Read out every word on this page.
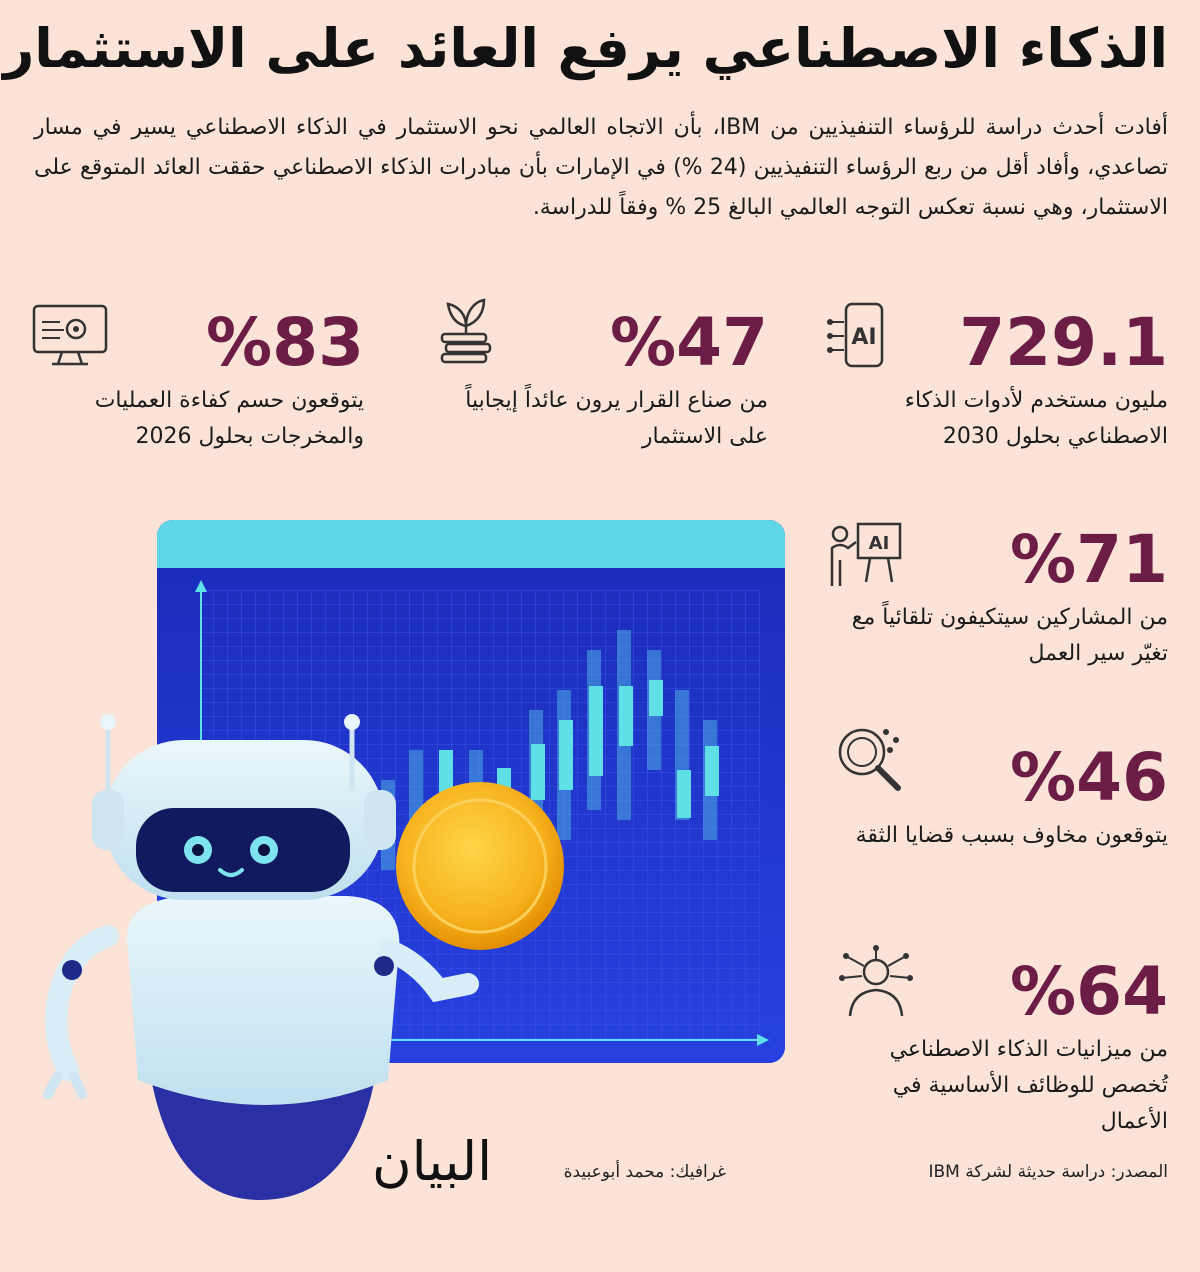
الذكاء الاصطناعي يرفع العائد على الاستثمار
أفادت أحدث دراسة للرؤساء التنفيذيين من IBM، بأن الاتجاه العالمي نحو الاستثمار في الذكاء الاصطناعي يسير في مسار تصاعدي، وأفاد أقل من ربع الرؤساء التنفيذيين (24 %) في الإمارات بأن مبادرات الذكاء الاصطناعي حققت العائد المتوقع على الاستثمار، وهي نسبة تعكس التوجه العالمي البالغ 25 % وفقاً للدراسة.
729.1
مليون مستخدم لأدوات الذكاء الاصطناعي بحلول 2030
AI
%47
من صناع القرار يرون عائداً إيجابياً على الاستثمار
%83
يتوقعون حسم كفاءة العمليات والمخرجات بحلول 2026
%71
من المشاركين سيتكيفون تلقائياً مع تغيّر سير العمل
AI
%46
يتوقعون مخاوف بسبب قضايا الثقة
%64
من ميزانيات الذكاء الاصطناعي تُخصص للوظائف الأساسية في الأعمال
المصدر: دراسة حديثة لشركة IBM
غرافيك: محمد أبوعبيدة
البيان
